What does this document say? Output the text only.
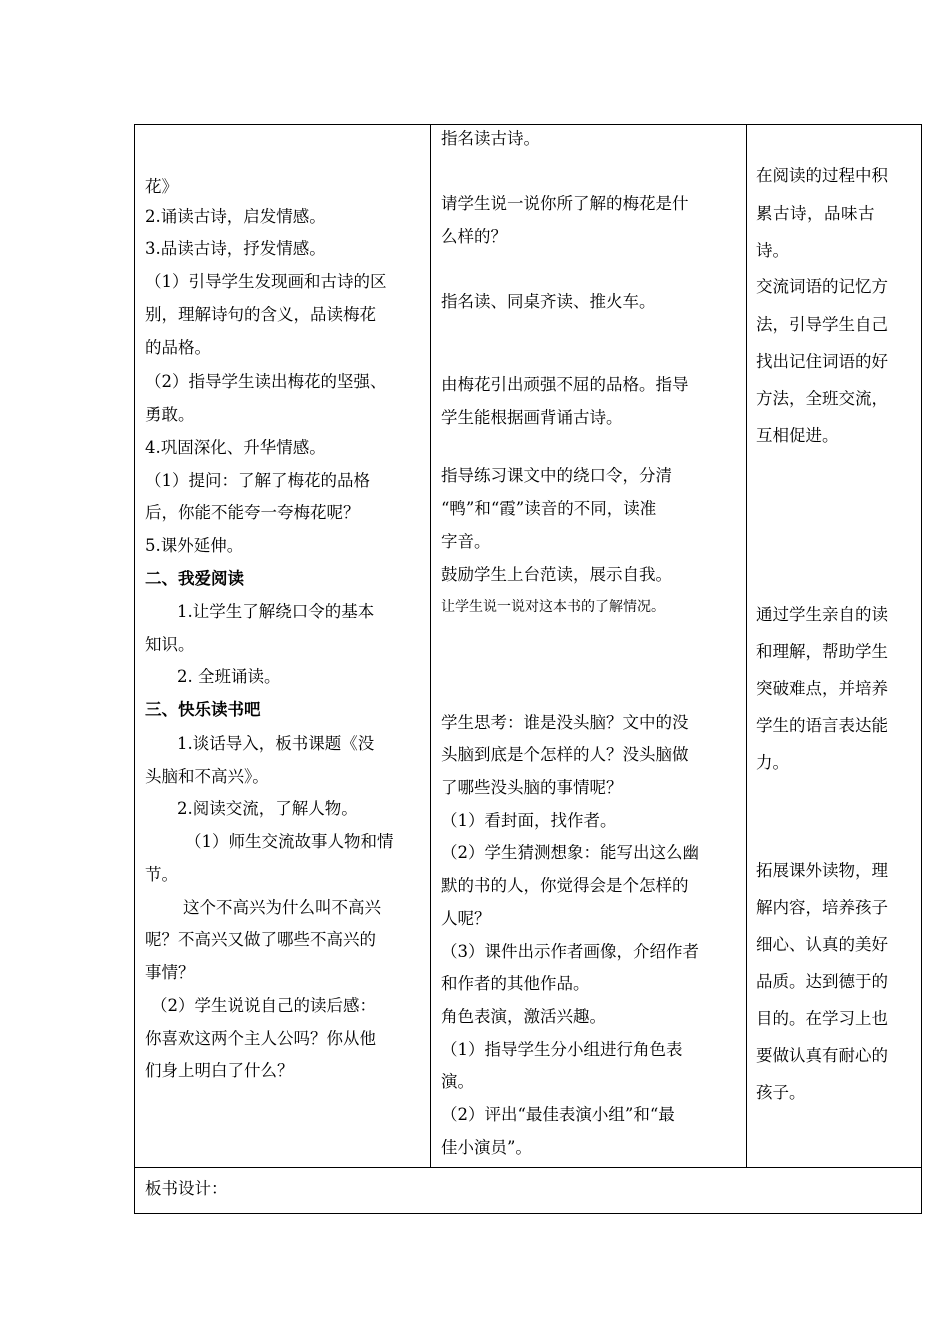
花》
2.诵读古诗，启发情感。
3.品读古诗，抒发情感。
（1）引导学生发现画和古诗的区
别，理解诗句的含义，品读梅花
的品格。
（2）指导学生读出梅花的坚强、
勇敢。
4.巩固深化、升华情感。
（1）提问：了解了梅花的品格
后，你能不能夸一夸梅花呢？
5.课外延伸。
二、我爱阅读
1.让学生了解绕口令的基本
知识。
2. 全班诵读。
三、快乐读书吧
1.谈话导入，板书课题《没
头脑和不高兴》。
2.阅读交流，了解人物。
（1）师生交流故事人物和情
节。
这个不高兴为什么叫不高兴
呢？不高兴又做了哪些不高兴的
事情？
（2）学生说说自己的读后感：
你喜欢这两个主人公吗？你从他
们身上明白了什么？
指名读古诗。
请学生说一说你所了解的梅花是什
么样的？
指名读、同桌齐读、推火车。
由梅花引出顽强不屈的品格。指导
学生能根据画背诵古诗。
指导练习课文中的绕口令，分清
“鸭”和“霞”读音的不同，读准
字音。
鼓励学生上台范读，展示自我。
让学生说一说对这本书的了解情况。
学生思考：谁是没头脑？文中的没
头脑到底是个怎样的人？没头脑做
了哪些没头脑的事情呢？
（1）看封面，找作者。
（2）学生猜测想象：能写出这么幽
默的书的人，你觉得会是个怎样的
人呢？
（3）课件出示作者画像，介绍作者
和作者的其他作品。
角色表演，激活兴趣。
（1）指导学生分小组进行角色表
演。
（2）评出“最佳表演小组”和“最
佳小演员”。
在阅读的过程中积
累古诗，品味古
诗。
交流词语的记忆方
法，引导学生自己
找出记住词语的好
方法，全班交流，
互相促进。
通过学生亲自的读
和理解，帮助学生
突破难点，并培养
学生的语言表达能
力。
拓展课外读物，理
解内容，培养孩子
细心、认真的美好
品质。达到德于的
目的。在学习上也
要做认真有耐心的
孩子。
板书设计：
